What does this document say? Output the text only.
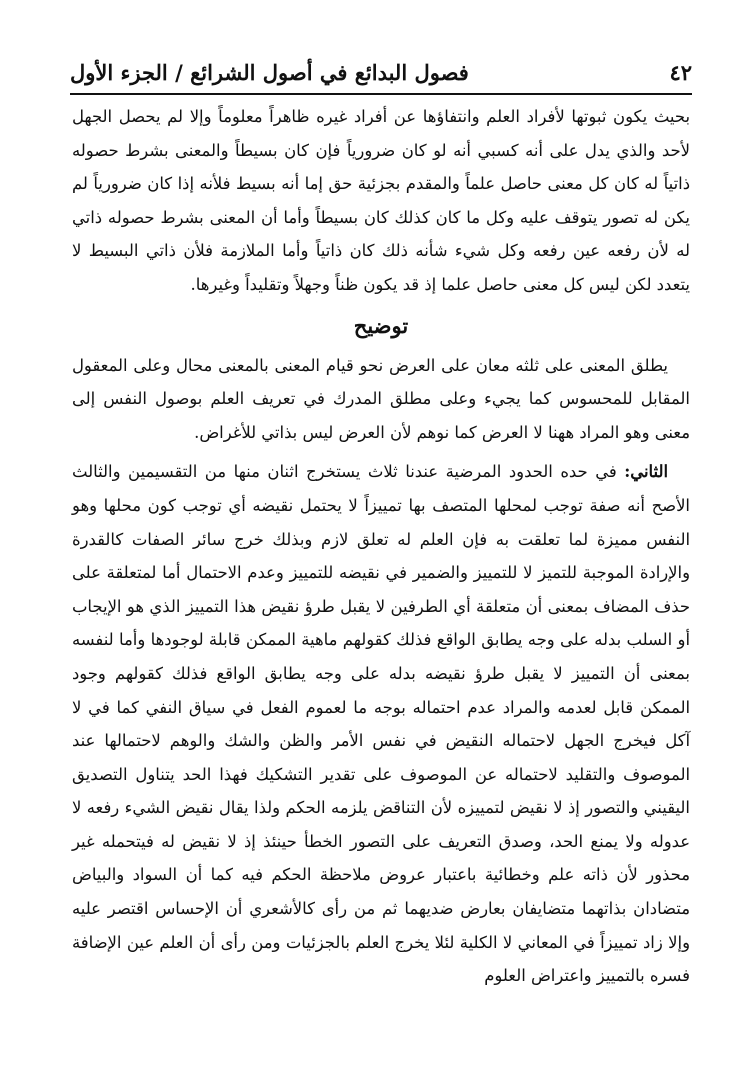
٤٢
فصول البدائع في أصول الشرائع / الجزء الأول

بحيث يكون ثبوتها لأفراد العلم وانتفاؤها عن أفراد غيره ظاهراً معلوماً وإلا لم يحصل الجهل لأحد والذي يدل على أنه كسبي أنه لو كان ضرورياً فإن كان بسيطاً والمعنى بشرط حصوله ذاتياً له كان كل معنى حاصل علماً والمقدم بجزئية حق إما أنه بسيط فلأنه إذا كان ضرورياً لم يكن له تصور يتوقف عليه وكل ما كان كذلك كان بسيطاً وأما أن المعنى بشرط حصوله ذاتي له لأن رفعه عين رفعه وكل شيء شأنه ذلك كان ذاتياً وأما الملازمة فلأن ذاتي البسيط لا يتعدد لكن ليس كل معنى حاصل علما إذ قد يكون ظناً وجهلاً وتقليداً وغيرها.

توضيح

يطلق المعنى على ثلثه معان على العرض نحو قيام المعنى بالمعنى محال وعلى المعقول المقابل للمحسوس كما يجيء وعلى مطلق المدرك في تعريف العلم بوصول النفس إلى معنى وهو المراد ههنا لا العرض كما نوهم لأن العرض ليس بذاتي للأغراض.

الثاني: في حده الحدود المرضية عندنا ثلاث يستخرج اثنان منها من التقسيمين والثالث الأصح أنه صفة توجب لمحلها المتصف بها تمييزاً لا يحتمل نقيضه أي توجب كون محلها وهو النفس مميزة لما تعلقت به فإن العلم له تعلق لازم وبذلك خرج سائر الصفات كالقدرة والإرادة الموجبة للتميز لا للتمييز والضمير في نقيضه للتمييز وعدم الاحتمال أما لمتعلقة على حذف المضاف بمعنى أن متعلقة أي الطرفين لا يقبل طرؤ نقيض هذا التمييز الذي هو الإيجاب أو السلب بدله على وجه يطابق الواقع فذلك كقولهم ماهية الممكن قابلة لوجودها وأما لنفسه بمعنى أن التمييز لا يقبل طرؤ نقيضه بدله على وجه يطابق الواقع فذلك كقولهم وجود الممكن قابل لعدمه والمراد عدم احتماله بوجه ما لعموم الفعل في سياق النفي كما في لا آكل فيخرج الجهل لاحتماله النقيض في نفس الأمر والظن والشك والوهم لاحتمالها عند الموصوف والتقليد لاحتماله عن الموصوف على تقدير التشكيك فهذا الحد يتناول التصديق اليقيني والتصور إذ لا نقيض لتمييزه لأن التناقض يلزمه الحكم ولذا يقال نقيض الشيء رفعه لا عدوله ولا يمنع الحد، وصدق التعريف على التصور الخطأ حينئذ إذ لا نقيض له فيتحمله غير محذور لأن ذاته علم وخطائية باعتبار عروض ملاحظة الحكم فيه كما أن السواد والبياض متضادان بذاتهما متضايفان بعارض ضديهما ثم من رأى كالأشعري أن الإحساس اقتصر عليه وإلا زاد تمييزاً في المعاني لا الكلية لئلا يخرج العلم بالجزئيات ومن رأى أن العلم عين الإضافة فسره بالتمييز واعتراض العلوم
